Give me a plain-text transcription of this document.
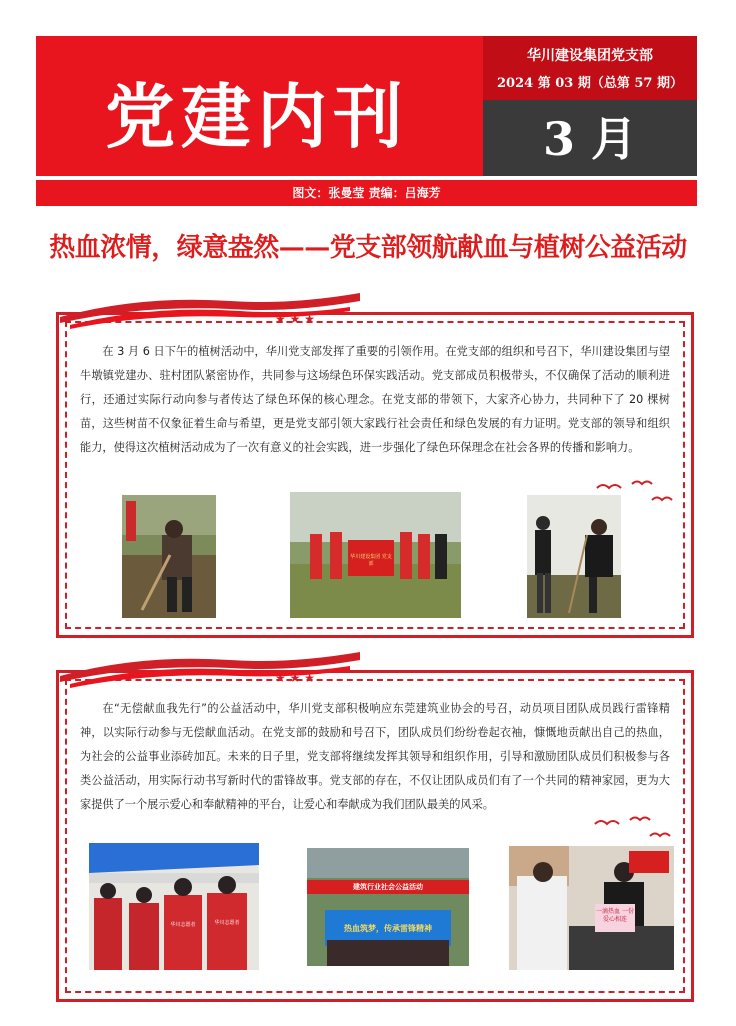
党建内刊
华川建设集团党支部
2024 第 03 期（总第 57 期）
3 月
图文：张曼莹 责编：吕海芳
热血浓情，绿意盎然——党支部领航献血与植树公益活动
★ ★ ★
在 3 月 6 日下午的植树活动中，华川党支部发挥了重要的引领作用。在党支部的组织和号召下，华川建设集团与望牛墩镇党建办、驻村团队紧密协作，共同参与这场绿色环保实践活动。党支部成员积极带头，不仅确保了活动的顺利进行，还通过实际行动向参与者传达了绿色环保的核心理念。在党支部的带领下，大家齐心协力，共同种下了 20 棵树苗，这些树苗不仅象征着生命与希望，更是党支部引领大家践行社会责任和绿色发展的有力证明。党支部的领导和组织能力，使得这次植树活动成为了一次有意义的社会实践，进一步强化了绿色环保理念在社会各界的传播和影响力。
华川建设集团 党支部
★ ★ ★
在“无偿献血我先行”的公益活动中，华川党支部积极响应东莞建筑业协会的号召，动员项目团队成员践行雷锋精神，以实际行动参与无偿献血活动。在党支部的鼓励和号召下，团队成员们纷纷卷起衣袖，慷慨地贡献出自己的热血，为社会的公益事业添砖加瓦。未来的日子里，党支部将继续发挥其领导和组织作用，引导和激励团队成员们积极参与各类公益活动，用实际行动书写新时代的雷锋故事。党支部的存在，不仅让团队成员们有了一个共同的精神家园，更为大家提供了一个展示爱心和奉献精神的平台，让爱心和奉献成为我们团队最美的风采。
华川志愿者	华川志愿者
建筑行业社会公益活动
热血筑梦，传承雷锋精神
一滴热血 一份爱心相连
